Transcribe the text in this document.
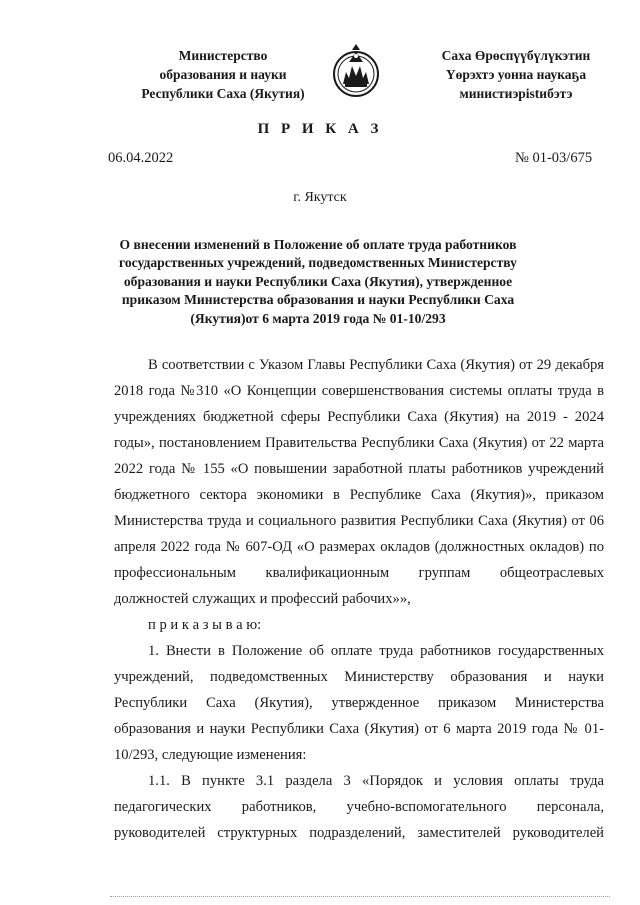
Министерство
образования и науки
Республики Саха (Якутия)
Саха Өрөспүүбүлүкэтин
Үөрэхтэ уонна наукаҕа
министиэрistибэтэ
П Р И К А З
06.04.2022	№ 01-03/675
г. Якутск
О внесении изменений в Положение об оплате труда работников
государственных учреждений, подведомственных Министерству
образования и науки Республики Саха (Якутия), утвержденное
приказом Министерства образования и науки Республики Саха
(Якутия)от 6 марта 2019 года № 01-10/293
В соответствии с Указом Главы Республики Саха (Якутия) от 29 декабря
2018 года №310 «О Концепции совершенствования системы оплаты труда в
учреждениях бюджетной сферы Республики Саха (Якутия) на 2019 - 2024
годы», постановлением Правительства Республики Саха (Якутия) от 22 марта
2022 года № 155 «О повышении заработной платы работников учреждений
бюджетного сектора экономики в Республике Саха (Якутия)», приказом
Министерства труда и социального развития Республики Саха (Якутия) от 06
апреля 2022 года № 607-ОД «О размерах окладов (должностных окладов) по
профессиональным квалификационным группам общеотраслевых
должностей служащих и профессий рабочих»»,
п р и к а з ы в а ю:
1. Внести в Положение об оплате труда работников государственных
учреждений, подведомственных Министерству образования и науки
Республики Саха (Якутия), утвержденное приказом Министерства
образования и науки Республики Саха (Якутия) от 6 марта 2019 года № 01-
10/293, следующие изменения:
1.1. В пункте 3.1 раздела 3 «Порядок и условия оплаты труда
педагогических работников, учебно-вспомогательного персонала,
руководителей структурных подразделений, заместителей руководителей
